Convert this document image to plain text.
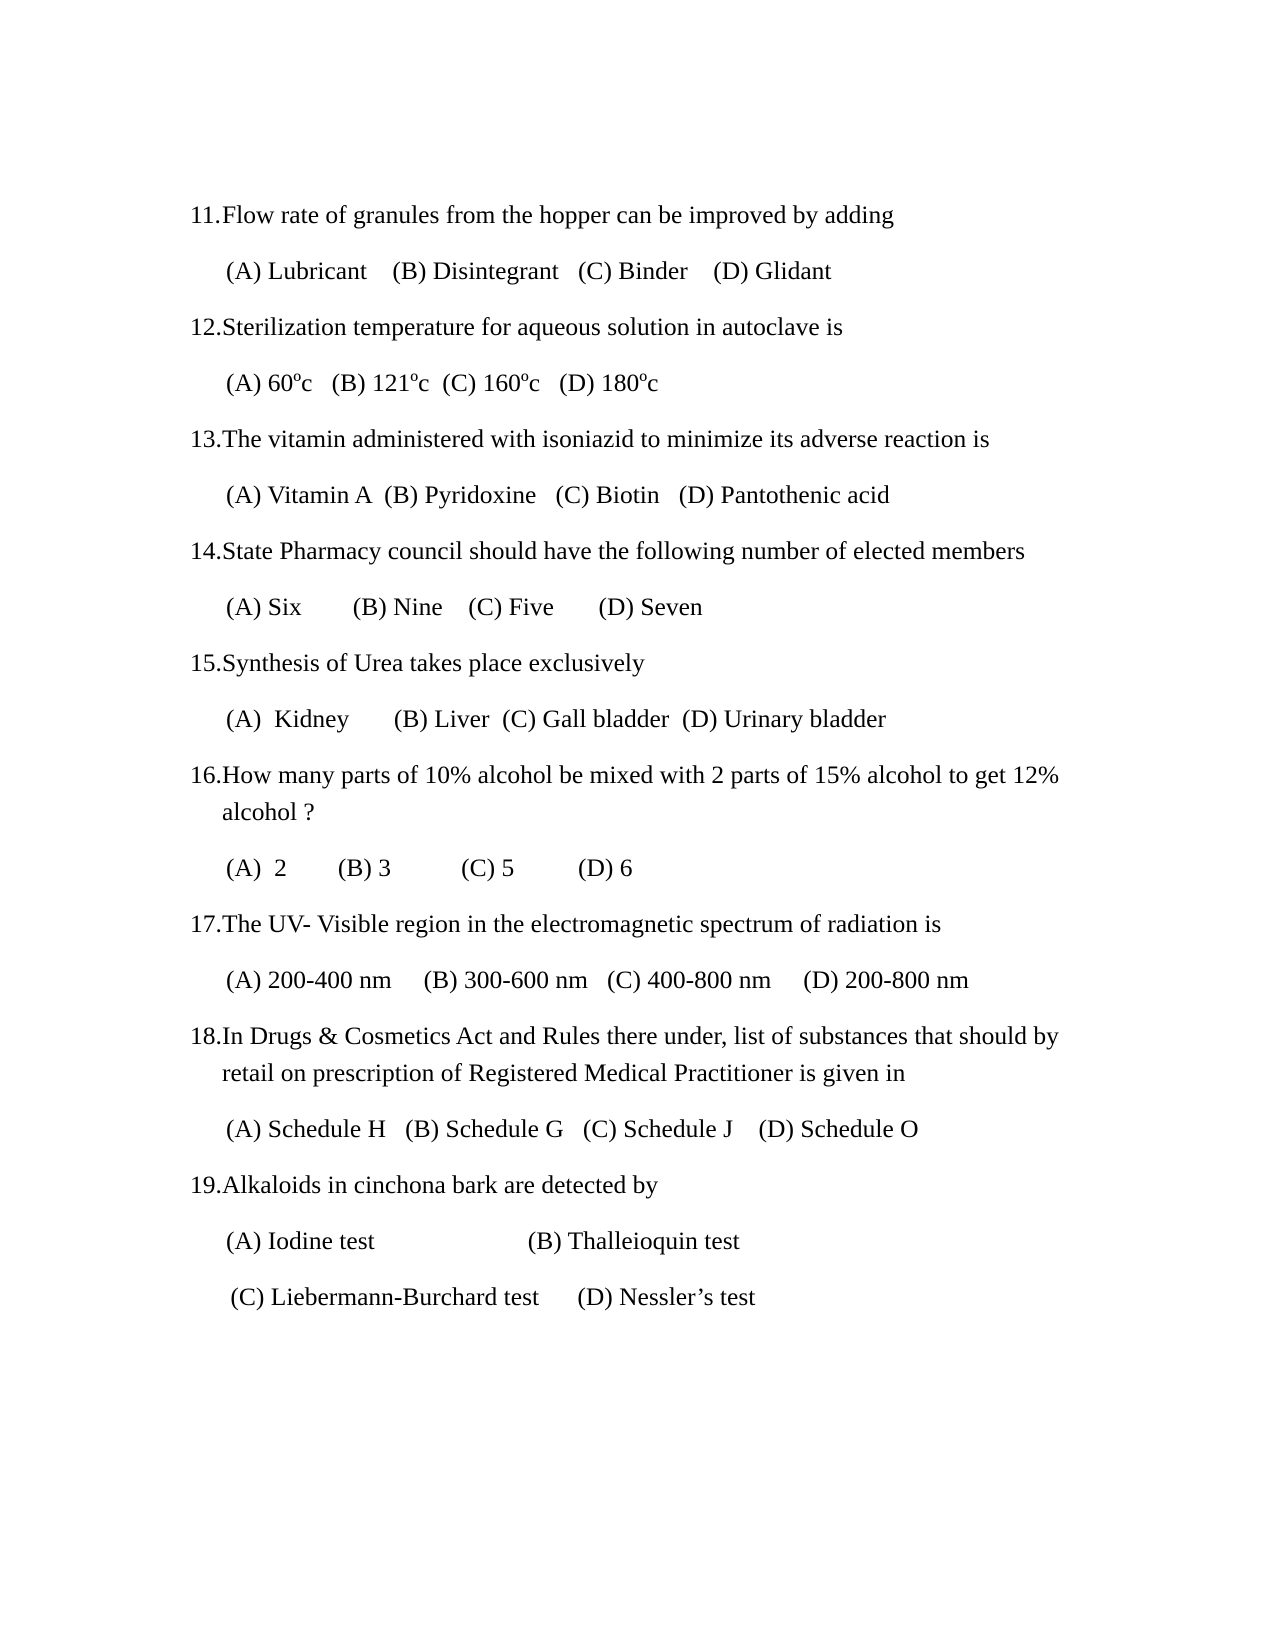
11. Flow rate of granules from the hopper can be improved by adding
(A) Lubricant    (B) Disintegrant   (C) Binder    (D) Glidant
12. Sterilization temperature for aqueous solution in autoclave is
(A) 60ºc   (B) 121ºc  (C) 160ºc   (D) 180ºc
13. The vitamin administered with isoniazid to minimize its adverse reaction is
(A) Vitamin A  (B) Pyridoxine   (C) Biotin   (D) Pantothenic acid
14. State Pharmacy council should have the following number of elected members
(A) Six        (B) Nine    (C) Five       (D) Seven
15. Synthesis of Urea takes place exclusively
(A)  Kidney       (B) Liver  (C) Gall bladder  (D) Urinary bladder
16. How many parts of 10% alcohol be mixed with 2 parts of 15% alcohol to get 12% alcohol ?
(A)  2        (B) 3           (C) 5          (D) 6
17. The UV- Visible region in the electromagnetic spectrum of radiation is
(A) 200-400 nm     (B) 300-600 nm   (C) 400-800 nm     (D) 200-800 nm
18. In Drugs & Cosmetics Act and Rules there under, list of substances that should by retail on prescription of Registered Medical Practitioner is given in
(A) Schedule H   (B) Schedule G   (C) Schedule J    (D) Schedule O
19. Alkaloids in cinchona bark are detected by
(A) Iodine test                        (B) Thalleioquin test
(C) Liebermann-Burchard test      (D) Nessler’s test
